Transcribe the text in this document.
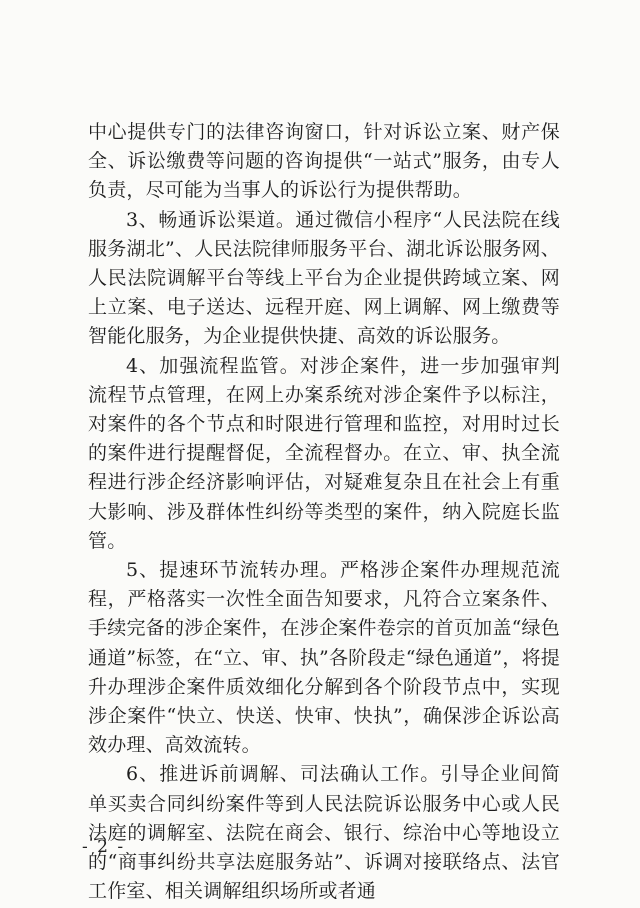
中心提供专门的法律咨询窗口，针对诉讼立案、财产保全、诉讼缴费等问题的咨询提供“一站式”服务，由专人负责，尽可能为当事人的诉讼行为提供帮助。

3、畅通诉讼渠道。通过微信小程序“人民法院在线服务湖北”、人民法院律师服务平台、湖北诉讼服务网、人民法院调解平台等线上平台为企业提供跨域立案、网上立案、电子送达、远程开庭、网上调解、网上缴费等智能化服务，为企业提供快捷、高效的诉讼服务。

4、加强流程监管。对涉企案件，进一步加强审判流程节点管理，在网上办案系统对涉企案件予以标注，对案件的各个节点和时限进行管理和监控，对用时过长的案件进行提醒督促，全流程督办。在立、审、执全流程进行涉企经济影响评估，对疑难复杂且在社会上有重大影响、涉及群体性纠纷等类型的案件，纳入院庭长监管。

5、提速环节流转办理。严格涉企案件办理规范流程，严格落实一次性全面告知要求，凡符合立案条件、手续完备的涉企案件，在涉企案件卷宗的首页加盖“绿色通道”标签，在“立、审、执”各阶段走“绿色通道”，将提升办理涉企案件质效细化分解到各个阶段节点中，实现涉企案件“快立、快送、快审、快执”，确保涉企诉讼高效办理、高效流转。

6、推进诉前调解、司法确认工作。引导企业间简单买卖合同纠纷案件等到人民法院诉讼服务中心或人民法庭的调解室、法院在商会、银行、综治中心等地设立的“商事纠纷共享法庭服务站”、诉调对接联络点、法官工作室、相关调解组织场所或者通

- 2 -
